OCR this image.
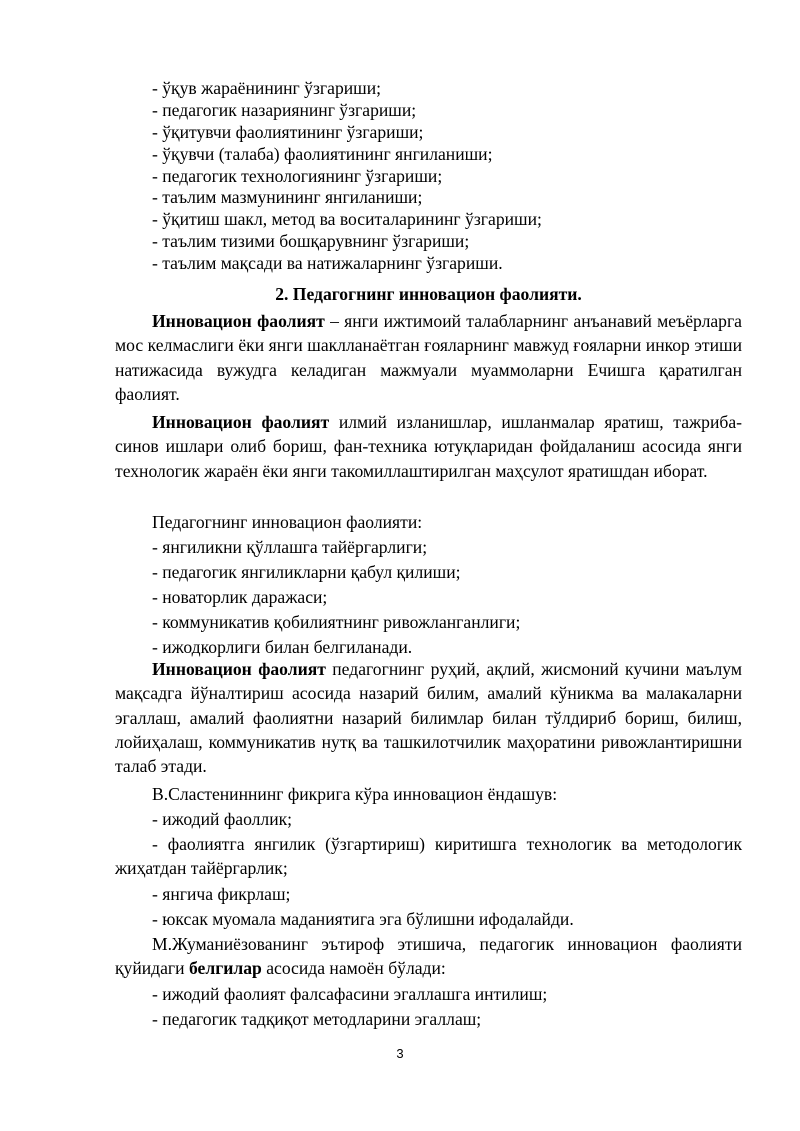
- ўқув жараёнининг ўзгариши;
- педагогик назариянинг ўзгариши;
- ўқитувчи фаолиятининг ўзгариши;
- ўқувчи (талаба) фаолиятининг янгиланиши;
- педагогик технологиянинг ўзгариши;
- таълим мазмунининг янгиланиши;
- ўқитиш шакл, метод ва воситаларининг ўзгариши;
- таълим тизими бошқарувнинг ўзгариши;
- таълим мақсади ва натижаларнинг ўзгариши.
2. Педагогнинг инновацион фаолияти.

Инновацион фаолият – янги ижтимоий талабларнинг анъанавий меъёрларга мос келмаслиги ёки янги шаклланаётган ғояларнинг мавжуд ғояларни инкор этиши натижасида вужудга келадиган мажмуали муаммоларни Ечишга қаратилган фаолият.

Инновацион фаолият илмий изланишлар, ишланмалар яратиш, тажриба-синов ишлари олиб бориш, фан-техника ютуқларидан фойдаланиш асосида янги технологик жараён ёки янги такомиллаштирилган маҳсулот яратишдан иборат.

Педагогнинг инновацион фаолияти:
- янгиликни қўллашга тайёргарлиги;
- педагогик янгиликларни қабул қилиши;
- новаторлик даражаси;
- коммуникатив қобилиятнинг ривожланганлиги;
- ижодкорлиги билан белгиланади.

Инновацион фаолият педагогнинг руҳий, ақлий, жисмоний кучини маълум мақсадга йўналтириш асосида назарий билим, амалий кўникма ва малакаларни эгаллаш, амалий фаолиятни назарий билимлар билан тўлдириб бориш, билиш, лойиҳалаш, коммуникатив нутқ ва ташкилотчилик маҳоратини ривожлантиришни талаб этади.

В.Сластениннинг фикрига кўра инновацион ёндашув:
- ижодий фаоллик;

- фаолиятга янгилик (ўзгартириш) киритишга технологик ва методологик жиҳатдан тайёргарлик;

- янгича фикрлаш;
- юксак муомала маданиятига эга бўлишни ифодалайди.

М.Жуманиёзованинг эътироф этишича, педагогик инновацион фаолияти қуйидаги белгилар асосида намоён бўлади:

- ижодий фаолият фалсафасини эгаллашга интилиш;
- педагогик тадқиқот методларини эгаллаш;
3
